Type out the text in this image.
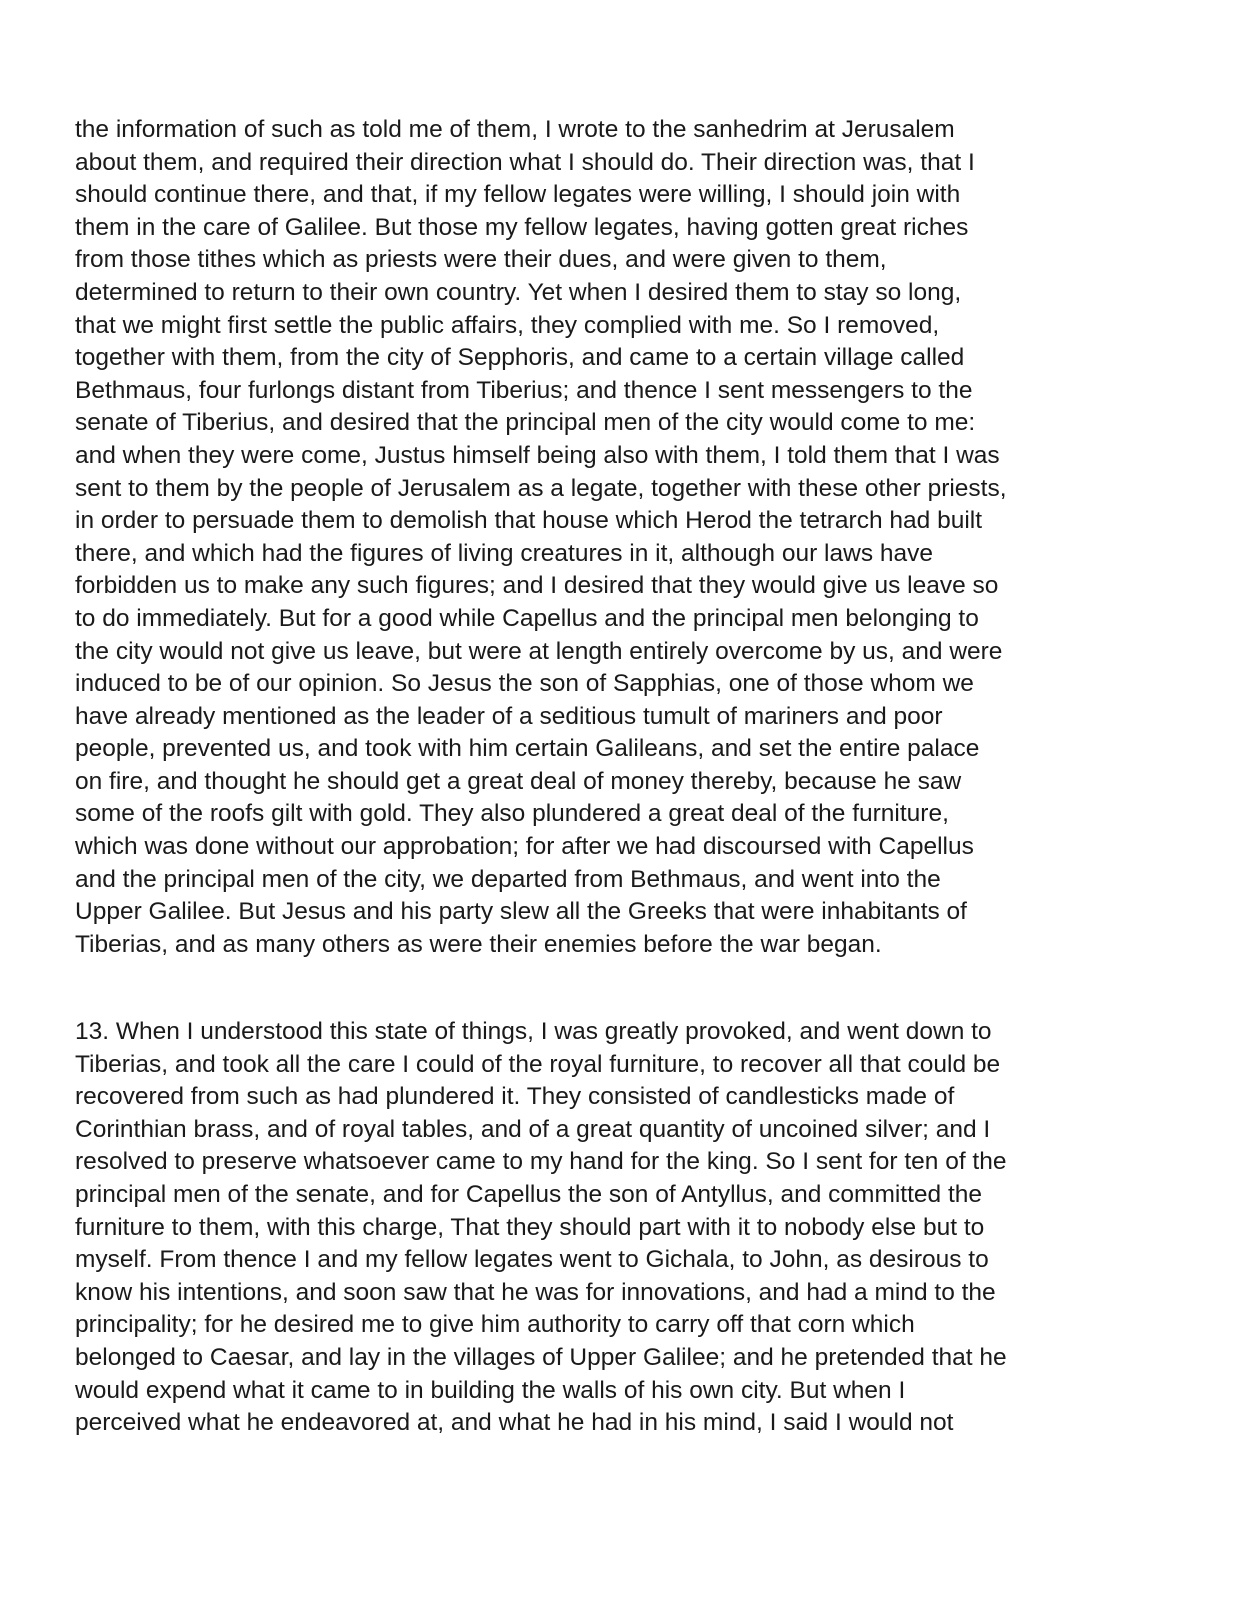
the information of such as told me of them, I wrote to the sanhedrim at Jerusalem
about them, and required their direction what I should do. Their direction was, that I
should continue there, and that, if my fellow legates were willing, I should join with
them in the care of Galilee. But those my fellow legates, having gotten great riches
from those tithes which as priests were their dues, and were given to them,
determined to return to their own country. Yet when I desired them to stay so long,
that we might first settle the public affairs, they complied with me. So I removed,
together with them, from the city of Sepphoris, and came to a certain village called
Bethmaus, four furlongs distant from Tiberius; and thence I sent messengers to the
senate of Tiberius, and desired that the principal men of the city would come to me:
and when they were come, Justus himself being also with them, I told them that I was
sent to them by the people of Jerusalem as a legate, together with these other priests,
in order to persuade them to demolish that house which Herod the tetrarch had built
there, and which had the figures of living creatures in it, although our laws have
forbidden us to make any such figures; and I desired that they would give us leave so
to do immediately. But for a good while Capellus and the principal men belonging to
the city would not give us leave, but were at length entirely overcome by us, and were
induced to be of our opinion. So Jesus the son of Sapphias, one of those whom we
have already mentioned as the leader of a seditious tumult of mariners and poor
people, prevented us, and took with him certain Galileans, and set the entire palace
on fire, and thought he should get a great deal of money thereby, because he saw
some of the roofs gilt with gold. They also plundered a great deal of the furniture,
which was done without our approbation; for after we had discoursed with Capellus
and the principal men of the city, we departed from Bethmaus, and went into the
Upper Galilee. But Jesus and his party slew all the Greeks that were inhabitants of
Tiberias, and as many others as were their enemies before the war began.

13. When I understood this state of things, I was greatly provoked, and went down to
Tiberias, and took all the care I could of the royal furniture, to recover all that could be
recovered from such as had plundered it. They consisted of candlesticks made of
Corinthian brass, and of royal tables, and of a great quantity of uncoined silver; and I
resolved to preserve whatsoever came to my hand for the king. So I sent for ten of the
principal men of the senate, and for Capellus the son of Antyllus, and committed the
furniture to them, with this charge, That they should part with it to nobody else but to
myself. From thence I and my fellow legates went to Gichala, to John, as desirous to
know his intentions, and soon saw that he was for innovations, and had a mind to the
principality; for he desired me to give him authority to carry off that corn which
belonged to Caesar, and lay in the villages of Upper Galilee; and he pretended that he
would expend what it came to in building the walls of his own city. But when I
perceived what he endeavored at, and what he had in his mind, I said I would not
